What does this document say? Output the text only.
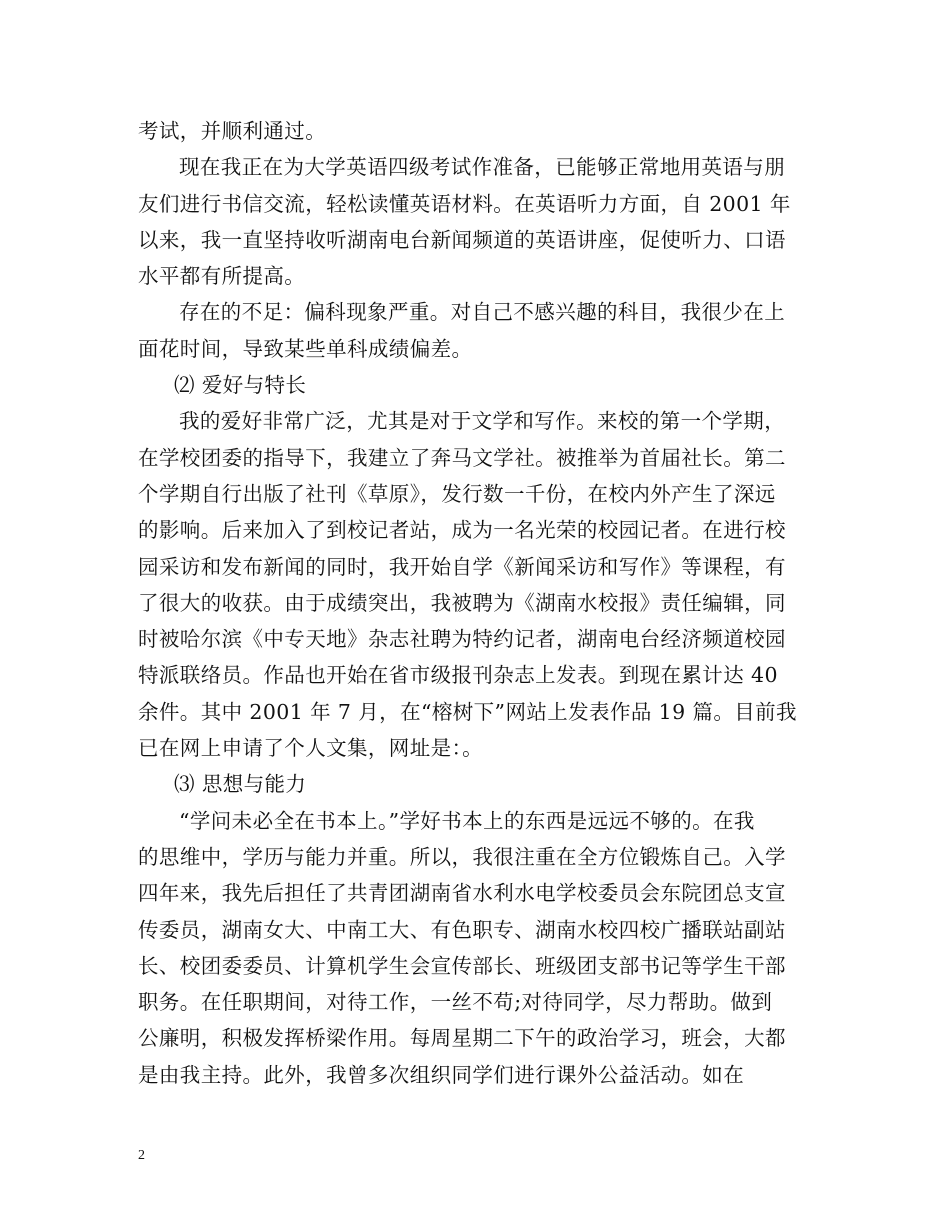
考试，并顺利通过。
现在我正在为大学英语四级考试作准备，已能够正常地用英语与朋
友们进行书信交流，轻松读懂英语材料。在英语听力方面，自 2001 年
以来，我一直坚持收听湖南电台新闻频道的英语讲座，促使听力、口语
水平都有所提高。
存在的不足：偏科现象严重。对自己不感兴趣的科目，我很少在上
面花时间，导致某些单科成绩偏差。
⑵ 爱好与特长
我的爱好非常广泛，尤其是对于文学和写作。来校的第一个学期，
在学校团委的指导下，我建立了奔马文学社。被推举为首届社长。第二
个学期自行出版了社刊《草原》，发行数一千份，在校内外产生了深远
的影响。后来加入了到校记者站，成为一名光荣的校园记者。在进行校
园采访和发布新闻的同时，我开始自学《新闻采访和写作》等课程，有
了很大的收获。由于成绩突出，我被聘为《湖南水校报》责任编辑，同
时被哈尔滨《中专天地》杂志社聘为特约记者，湖南电台经济频道校园
特派联络员。作品也开始在省市级报刊杂志上发表。到现在累计达 40
余件。其中 2001 年 7 月，在“榕树下”网站上发表作品 19 篇。目前我
已在网上申请了个人文集，网址是：。
⑶ 思想与能力
“学问未必全在书本上。”学好书本上的东西是远远不够的。在我
的思维中，学历与能力并重。所以，我很注重在全方位锻炼自己。入学
四年来，我先后担任了共青团湖南省水利水电学校委员会东院团总支宣
传委员，湖南女大、中南工大、有色职专、湖南水校四校广播联站副站
长、校团委委员、计算机学生会宣传部长、班级团支部书记等学生干部
职务。在任职期间，对待工作，一丝不苟;对待同学，尽力帮助。做到
公廉明，积极发挥桥梁作用。每周星期二下午的政治学习，班会，大都
是由我主持。此外，我曾多次组织同学们进行课外公益活动。如在
2
